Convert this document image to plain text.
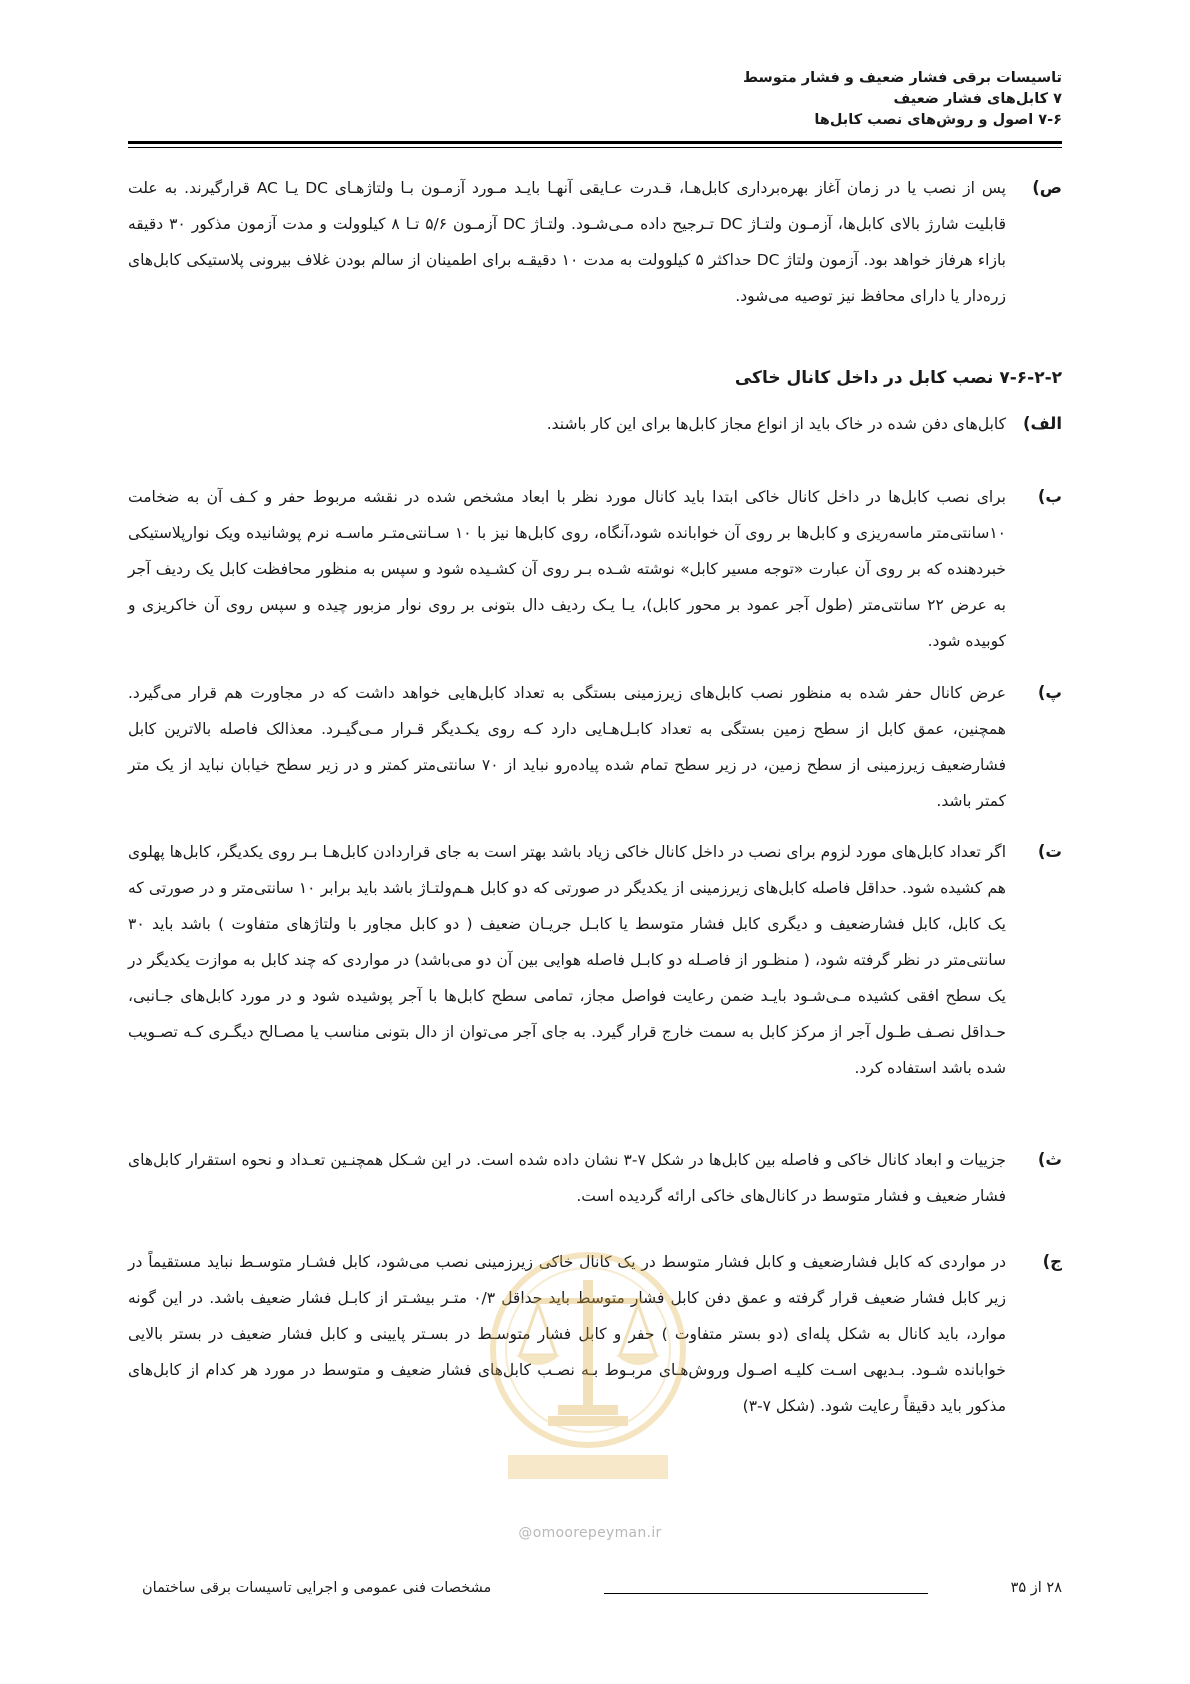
تاسیسات برقی فشار ضعیف و فشار متوسط
۷ کابل‌های فشار ضعیف
۷-۶ اصول و روش‌های نصب کابل‌ها
ص)
پس از نصب یا در زمان آغاز بهره‌برداری کابل‌هـا، قـدرت عـایقی آنهـا بایـد مـورد آزمـون بـا ولتاژهـای DC یـا AC قرارگیرند. به علت قابلیت شارژ بالای کابل‌ها، آزمـون ولتـاژ DC تـرجیح داده مـی‌شـود. ولتـاژ DC آزمـون ۵/۶ تـا ۸ کیلوولت و مدت آزمون مذکور ۳۰ دقیقه بازاء هرفاز خواهد بود. آزمون ولتاژ DC حداکثر ۵ کیلوولت به مدت ۱۰ دقیقـه برای اطمینان از سالم بودن غلاف بیرونی پلاستیکی کابل‌های زره‌دار یا دارای محافظ نیز توصیه می‌شود.
۷-۶-۲-۲ نصب کابل در داخل کانال خاکی
الف)
کابل‌های دفن شده در خاک باید از انواع مجاز کابل‌ها برای این کار باشند.
ب)
برای نصب کابل‌ها در داخل کانال خاکی ابتدا باید کانال مورد نظر با ابعاد مشخص شده در نقشه مربوط حفر و کـف آن به ضخامت ۱۰سانتی‌متر ماسه‌ریزی و کابل‌ها بر روی آن خوابانده شود،آنگاه، روی کابل‌ها نیز با ۱۰ سـانتی‌متـر ماسـه نرم پوشانیده ویک نوارپلاستیکی خبردهنده که بر روی آن عبارت «توجه مسیر کابل» نوشته شـده بـر روی آن کشـیده شود و سپس به منظور محافظت کابل یک ردیف آجر به عرض ۲۲ سانتی‌متر (طول آجر عمود بر محور کابل)، یـا یـک ردیف دال بتونی بر روی نوار مزبور چیده و سپس روی آن خاکریزی و کوبیده شود.
پ)
عرض کانال حفر شده به منظور نصب کابل‌های زیرزمینی بستگی به تعداد کابل‌هایی خواهد داشت که در مجاورت هم قرار می‌گیرد. همچنین، عمق کابل از سطح زمین بستگی به تعداد کابـل‌هـایی دارد کـه روی یکـدیگر قـرار مـی‌گیـرد. معذالک فاصله بالاترین کابل فشارضعیف زیرزمینی از سطح زمین، در زیر سطح تمام شده پیاده‌رو نباید از ۷۰ سانتی‌متر کمتر و در زیر سطح خیابان نباید از یک متر کمتر باشد.
ت)
اگر تعداد کابل‌های مورد لزوم برای نصب در داخل کانال خاکی زیاد باشد بهتر است به جای قراردادن کابل‌هـا بـر روی یکدیگر، کابل‌ها پهلوی هم کشیده شود. حداقل فاصله کابل‌های زیرزمینی از یکدیگر در صورتی که دو کابل هـم‌ولتـاژ باشد باید برابر ۱۰ سانتی‌متر و در صورتی که یک کابل، کابل فشارضعیف و دیگری کابل فشار متوسط یا کابـل جریـان ضعیف ( دو کابل مجاور با ولتاژهای متفاوت ) باشد باید ۳۰ سانتی‌متر در نظر گرفته شود، ( منظـور از فاصـله دو کابـل فاصله هوایی بین آن دو می‌باشد) در مواردی که چند کابل به موازت یکدیگر در یک سطح افقی کشیده مـی‌شـود بایـد ضمن رعایت فواصل مجاز، تمامی سطح کابل‌ها با آجر پوشیده شود و در مورد کابل‌های جـانبی، حـداقل نصـف طـول آجر از مرکز کابل به سمت خارج قرار گیرد. به جای آجر می‌توان از دال بتونی مناسب یا مصـالح دیگـری کـه تصـویب شده باشد استفاده کرد.
ث)
جزییات و ابعاد کانال خاکی و فاصله بین کابل‌ها در شکل ۷-۳ نشان داده شده است. در این شـکل همچنـین تعـداد و نحوه استقرار کابل‌های فشار ضعیف و فشار متوسط در کانال‌های خاکی ارائه گردیده است.
ج)
در مواردی که کابل فشارضعیف و کابل فشار متوسط در یک کانال خاکی زیرزمینی نصب می‌شود، کابل فشـار متوسـط نباید مستقیماً در زیر کابل فشار ضعیف قرار گرفته و عمق دفن کابل فشار متوسط باید حداقل ۰/۳ متـر بیشـتر از کابـل فشار ضعیف باشد. در این گونه موارد، باید کانال به شکل پله‌ای (دو بستر متفاوت ) حفر و کابل فشار متوسـط در بسـتر پایینی و کابل فشار ضعیف در بستر بالایی خوابانده شـود. بـدیهی اسـت کلیـه اصـول وروش‌هـای مربـوط بـه نصـب کابل‌های فشار ضعیف و متوسط در مورد هر کدام از کابل‌های مذکور باید دقیقاً رعایت شود. (شکل ۷-۳)
@omoorepeyman.ir
۲۸ از ۳۵
مشخصات فنی عمومی و اجرایی تاسیسات برقی ساختمان
